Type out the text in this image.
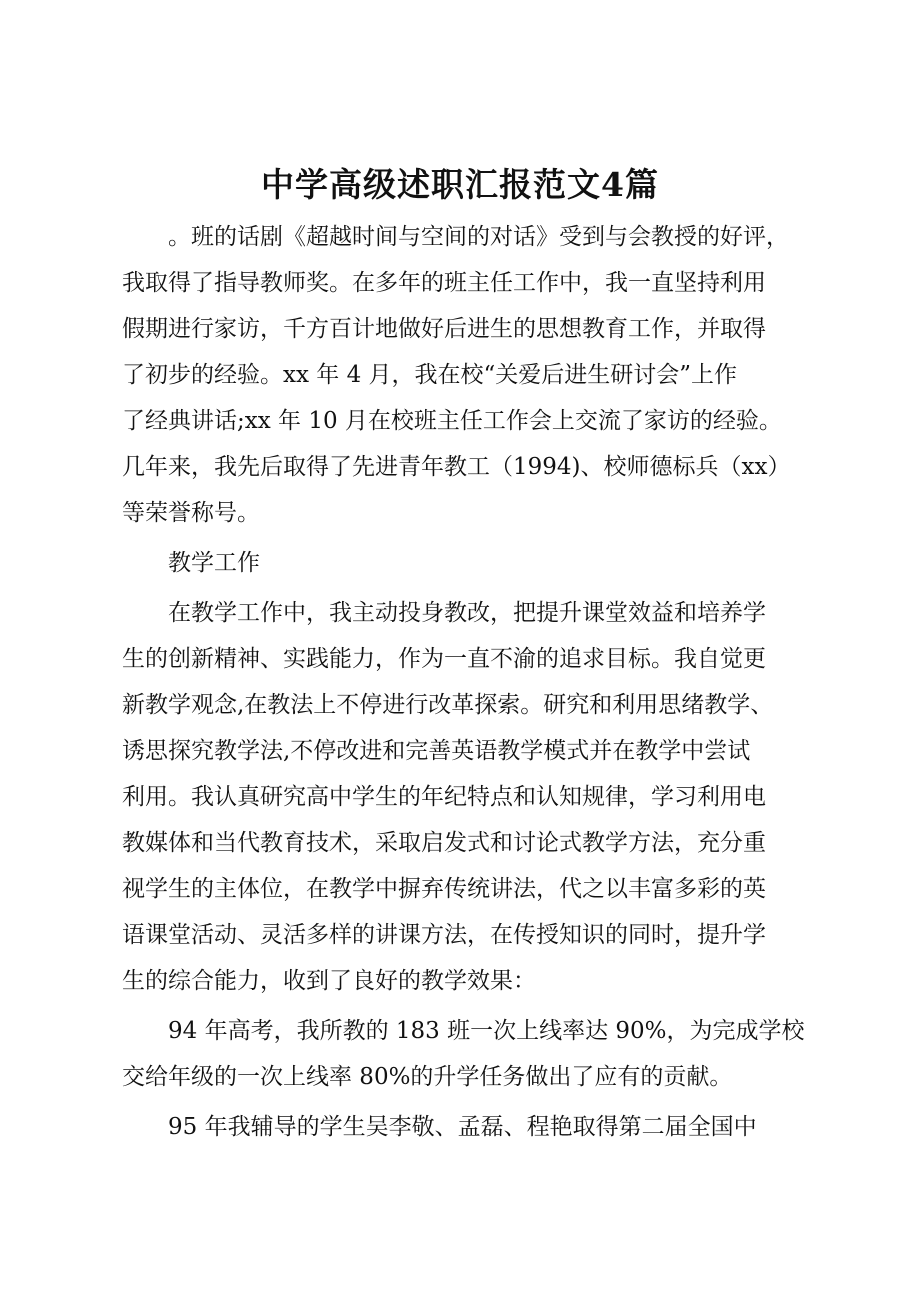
中学高级述职汇报范文4篇

。班的话剧《超越时间与空间的对话》受到与会教授的好评，
我取得了指导教师奖。在多年的班主任工作中，我一直坚持利用
假期进行家访，千方百计地做好后进生的思想教育工作，并取得
了初步的经验。xx 年 4 月，我在校“关爱后进生研讨会”上作
了经典讲话;xx 年 10 月在校班主任工作会上交流了家访的经验。
几年来，我先后取得了先进青年教工（1994)、校师德标兵（xx）
等荣誉称号。

教学工作

在教学工作中，我主动投身教改，把提升课堂效益和培养学
生的创新精神、实践能力，作为一直不渝的追求目标。我自觉更
新教学观念,在教法上不停进行改革探索。研究和利用思绪教学、
诱思探究教学法,不停改进和完善英语教学模式并在教学中尝试
利用。我认真研究高中学生的年纪特点和认知规律，学习利用电
教媒体和当代教育技术，采取启发式和讨论式教学方法，充分重
视学生的主体位，在教学中摒弃传统讲法，代之以丰富多彩的英
语课堂活动、灵活多样的讲课方法，在传授知识的同时，提升学
生的综合能力，收到了良好的教学效果：

94 年高考，我所教的 183 班一次上线率达 90%，为完成学校
交给年级的一次上线率 80%的升学任务做出了应有的贡献。

95 年我辅导的学生吴李敬、孟磊、程艳取得第二届全国中
